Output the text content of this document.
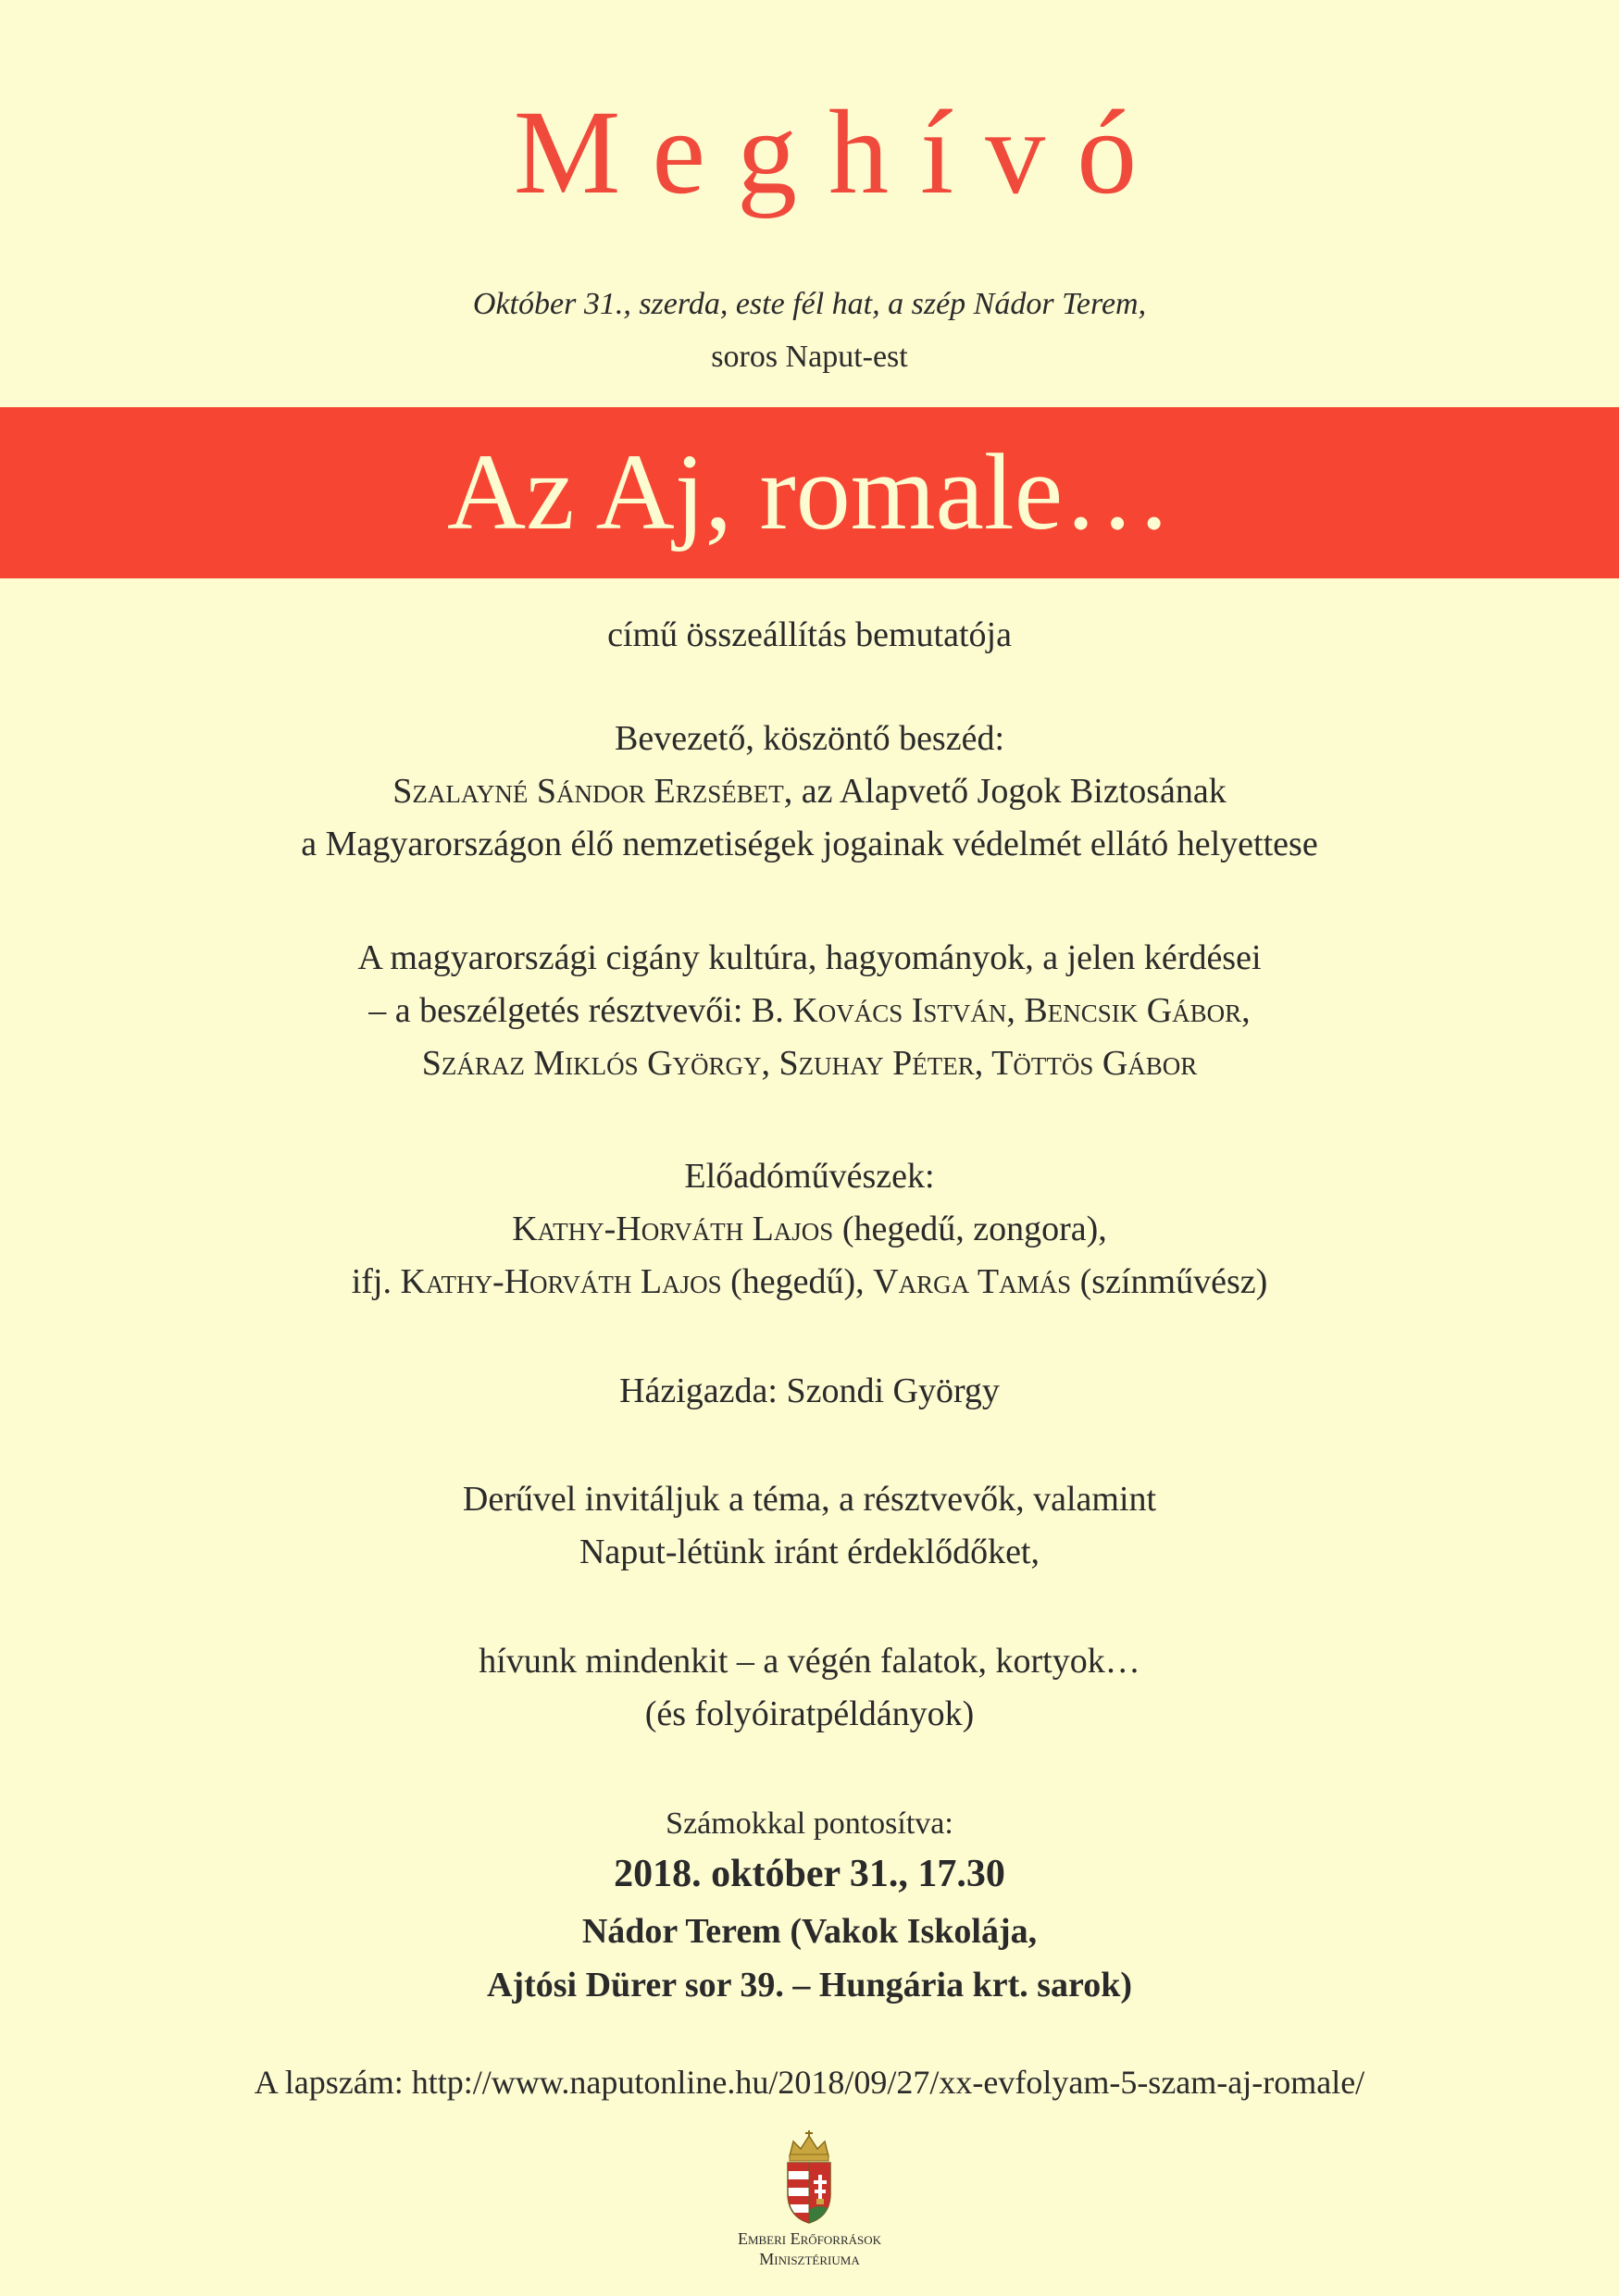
Meghívó
Október 31., szerda, este fél hat, a szép Nádor Terem,
soros Naput-est
Az Aj, romale…
című összeállítás bemutatója
Bevezető, köszöntő beszéd:
Szalayné Sándor Erzsébet, az Alapvető Jogok Biztosának
a Magyarországon élő nemzetiségek jogainak védelmét ellátó helyettese
A magyarországi cigány kultúra, hagyományok, a jelen kérdései
– a beszélgetés résztvevői: B. Kovács István, Bencsik Gábor,
Száraz Miklós György, Szuhay Péter, Töttös Gábor
Előadóművészek:
Kathy-Horváth Lajos (hegedű, zongora),
ifj. Kathy-Horváth Lajos (hegedű), Varga Tamás (színművész)
Házigazda: Szondi György
Derűvel invitáljuk a téma, a résztvevők, valamint
Naput-létünk iránt érdeklődőket,
hívunk mindenkit – a végén falatok, kortyok…
(és folyóiratpéldányok)
Számokkal pontosítva:
2018. október 31., 17.30
Nádor Terem (Vakok Iskolája,
Ajtósi Dürer sor 39. – Hungária krt. sarok)
A lapszám: http://www.naputonline.hu/2018/09/27/xx-evfolyam-5-szam-aj-romale/
Emberi Erőforrások
Minisztériuma
